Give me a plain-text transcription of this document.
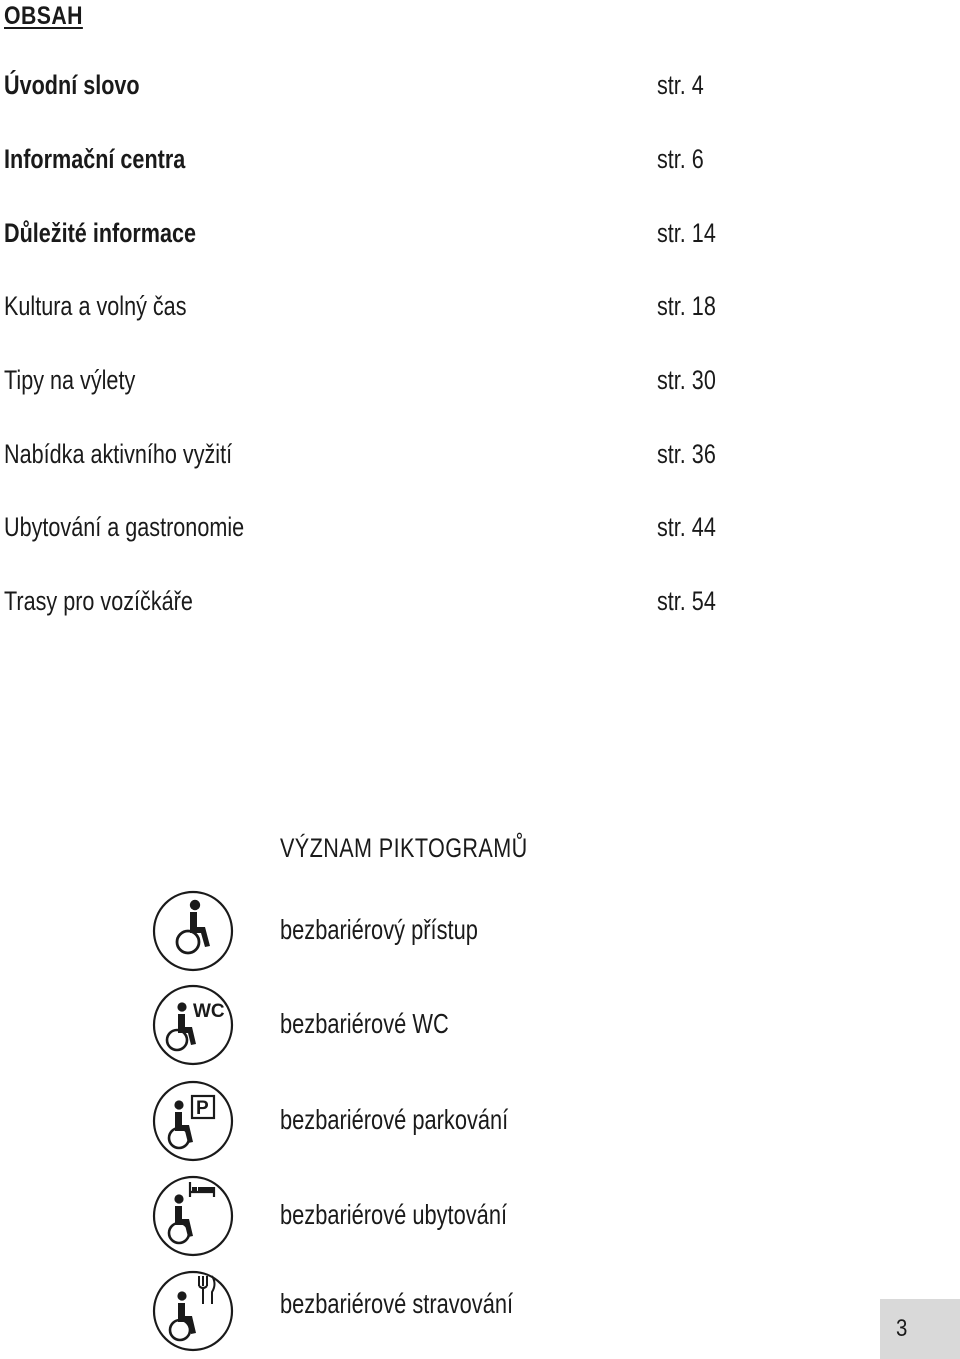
OBSAH
Úvodní slovo	str. 4
Informační centra	str. 6
Důležité informace	str. 14
Kultura a volný čas	str. 18
Tipy na výlety	str. 30
Nabídka aktivního vyžití	str. 36
Ubytování a gastronomie	str. 44
Trasy pro vozíčkáře	str. 54
VÝZNAM PIKTOGRAMŮ
bezbariérový přístup
WC bezbariérové WC
P	bezbariérové parkování
bezbariérové ubytování
bezbariérové stravování
3
